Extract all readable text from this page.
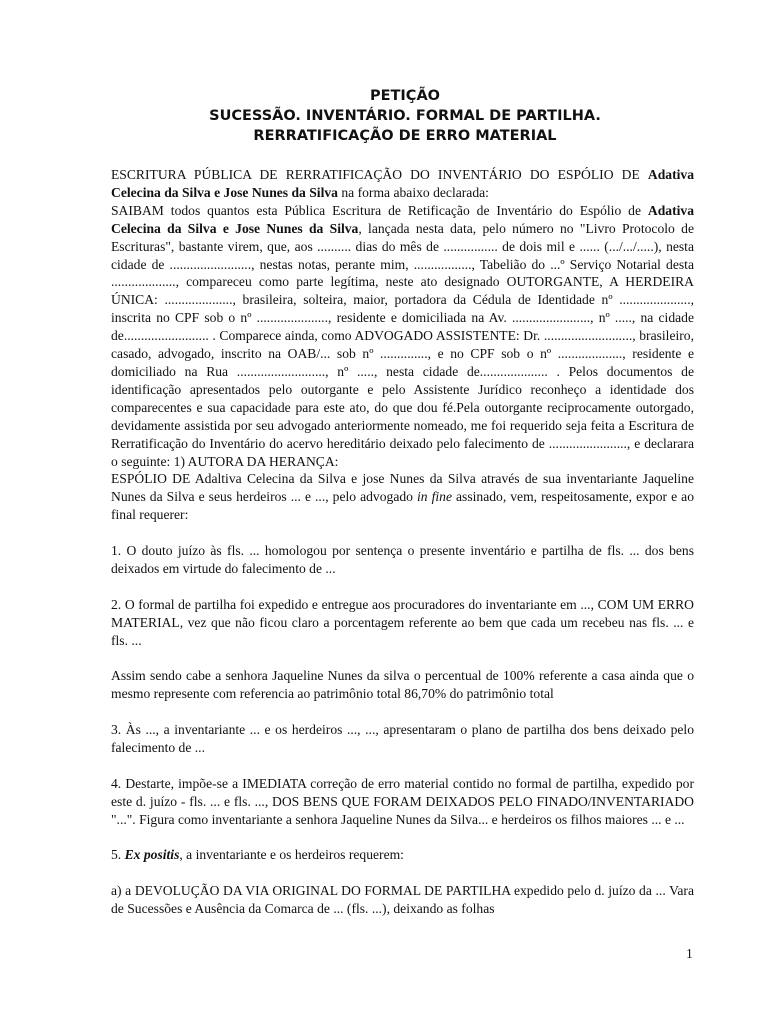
PETIÇÃO
SUCESSÃO. INVENTÁRIO. FORMAL DE PARTILHA.
RERRATIFICAÇÃO DE ERRO MATERIAL

ESCRITURA PÚBLICA DE RERRATIFICAÇÃO DO INVENTÁRIO DO ESPÓLIO DE Adativa Celecina da Silva e Jose Nunes da Silva na forma abaixo declarada:
SAIBAM todos quantos esta Pública Escritura de Retificação de Inventário do Espólio de Adativa Celecina da Silva e Jose Nunes da Silva, lançada nesta data, pelo número no "Livro Protocolo de Escrituras", bastante virem, que, aos .......... dias do mês de ................ de dois mil e ...... (.../.../.....), nesta cidade de ........................, nestas notas, perante mim, ................., Tabelião do ...º Serviço Notarial desta ..................., compareceu como parte legítima, neste ato designado OUTORGANTE, A HERDEIRA ÚNICA: ...................., brasileira, solteira, maior, portadora da Cédula de Identidade nº ....................., inscrita no CPF sob o nº ....................., residente e domiciliada na Av. ......................., nº ....., na cidade de......................... . Comparece ainda, como ADVOGADO ASSISTENTE: Dr. .........................., brasileiro, casado, advogado, inscrito na OAB/... sob nº .............., e no CPF sob o nº ..................., residente e domiciliado na Rua .........................., nº ....., nesta cidade de.................... . Pelos documentos de identificação apresentados pelo outorgante e pelo Assistente Jurídico reconheço a identidade dos comparecentes e sua capacidade para este ato, do que dou fé.Pela outorgante reciprocamente outorgado, devidamente assistida por seu advogado anteriormente nomeado, me foi requerido seja feita a Escritura de Rerratificação do Inventário do acervo hereditário deixado pelo falecimento de ......................., e declarara o seguinte: 1) AUTORA DA HERANÇA:
ESPÓLIO DE Adaltiva Celecina da Silva e jose Nunes da Silva através de sua inventariante Jaqueline Nunes da Silva e seus herdeiros ... e ..., pelo advogado in fine assinado, vem, respeitosamente, expor e ao final requerer:

1. O douto juízo às fls. ... homologou por sentença o presente inventário e partilha de fls. ... dos bens deixados em virtude do falecimento de ...

2. O formal de partilha foi expedido e entregue aos procuradores do inventariante em ..., COM UM ERRO MATERIAL, vez que não ficou claro a porcentagem referente ao bem que cada um recebeu nas fls. ... e fls. ...

Assim sendo cabe a senhora Jaqueline Nunes da silva o percentual de 100% referente a casa ainda que o mesmo represente com referencia ao patrimônio total 86,70% do patrimônio total

3. Às ..., a inventariante ... e os herdeiros ..., ..., apresentaram o plano de partilha dos bens deixado pelo falecimento de ...

4. Destarte, impõe-se a IMEDIATA correção de erro material contido no formal de partilha, expedido por este d. juízo - fls. ... e fls. ..., DOS BENS QUE FORAM DEIXADOS PELO FINADO/INVENTARIADO "...". Figura como inventariante a senhora Jaqueline Nunes da Silva... e herdeiros os filhos maiores ... e ...

5. Ex positis, a inventariante e os herdeiros requerem:

a) a DEVOLUÇÃO DA VIA ORIGINAL DO FORMAL DE PARTILHA expedido pelo d. juízo da ... Vara de Sucessões e Ausência da Comarca de ... (fls. ...), deixando as folhas

1
